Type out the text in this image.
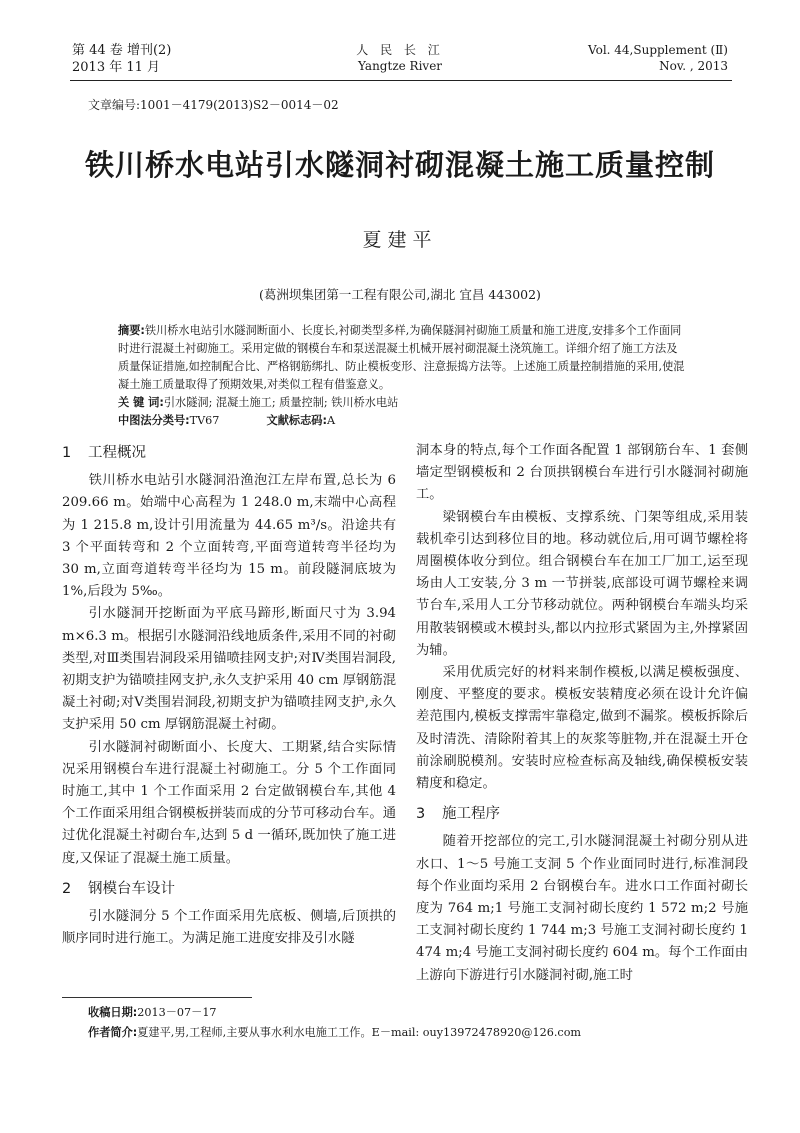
第 44 卷 增刊(2)
2013 年 11 月
人 民 长 江
Yangtze River
Vol. 44,Supplement (Ⅱ)
Nov. , 2013
文章编号:1001－4179(2013)S2－0014－02
铁川桥水电站引水隧洞衬砌混凝土施工质量控制
夏建平
(葛洲坝集团第一工程有限公司,湖北 宜昌 443002)
摘要:铁川桥水电站引水隧洞断面小、长度长,衬砌类型多样,为确保隧洞衬砌施工质量和施工进度,安排多个工作面同时进行混凝土衬砌施工。采用定做的钢模台车和泵送混凝土机械开展衬砌混凝土浇筑施工。详细介绍了施工方法及质量保证措施,如控制配合比、严格钢筋绑扎、防止模板变形、注意振捣方法等。上述施工质量控制措施的采用,使混凝土施工质量取得了预期效果,对类似工程有借鉴意义。
关 键 词:引水隧洞; 混凝土施工; 质量控制; 铁川桥水电站
中图法分类号:TV67	文献标志码:A
1 工程概况

铁川桥水电站引水隧洞沿渔泡江左岸布置,总长为 6 209.66 m。始端中心高程为 1 248.0 m,末端中心高程为 1 215.8 m,设计引用流量为 44.65 m³/s。沿途共有 3 个平面转弯和 2 个立面转弯,平面弯道转弯半径均为 30 m,立面弯道转弯半径均为 15 m。前段隧洞底坡为 1%,后段为 5‰。

引水隧洞开挖断面为平底马蹄形,断面尺寸为 3.94 m×6.3 m。根据引水隧洞沿线地质条件,采用不同的衬砌类型,对Ⅲ类围岩洞段采用锚喷挂网支护;对Ⅳ类围岩洞段,初期支护为锚喷挂网支护,永久支护采用 40 cm 厚钢筋混凝土衬砌;对Ⅴ类围岩洞段,初期支护为锚喷挂网支护,永久支护采用 50 cm 厚钢筋混凝土衬砌。

引水隧洞衬砌断面小、长度大、工期紧,结合实际情况采用钢模台车进行混凝土衬砌施工。分 5 个工作面同时施工,其中 1 个工作面采用 2 台定做钢模台车,其他 4 个工作面采用组合钢模板拼装而成的分节可移动台车。通过优化混凝土衬砌台车,达到 5 d 一循环,既加快了施工进度,又保证了混凝土施工质量。

2 钢模台车设计

引水隧洞分 5 个工作面采用先底板、侧墙,后顶拱的顺序同时进行施工。为满足施工进度安排及引水隧

洞本身的特点,每个工作面各配置 1 部钢筋台车、1 套侧墙定型钢模板和 2 台顶拱钢模台车进行引水隧洞衬砌施工。

梁钢模台车由模板、支撑系统、门架等组成,采用装载机牵引达到移位目的地。移动就位后,用可调节螺栓将周圈模体收分到位。组合钢模台车在加工厂加工,运至现场由人工安装,分 3 m 一节拼装,底部设可调节螺栓来调节台车,采用人工分节移动就位。两种钢模台车端头均采用散装钢模或木模封头,都以内拉形式紧固为主,外撑紧固为辅。

采用优质完好的材料来制作模板,以满足模板强度、刚度、平整度的要求。模板安装精度必须在设计允许偏差范围内,模板支撑需牢靠稳定,做到不漏浆。模板拆除后及时清洗、清除附着其上的灰浆等脏物,并在混凝土开仓前涂刷脱模剂。安装时应检查标高及轴线,确保模板安装精度和稳定。

3 施工程序

随着开挖部位的完工,引水隧洞混凝土衬砌分别从进水口、1～5 号施工支洞 5 个作业面同时进行,标准洞段每个作业面均采用 2 台钢模台车。进水口工作面衬砌长度为 764 m;1 号施工支洞衬砌长度约 1 572 m;2 号施工支洞衬砌长度约 1 744 m;3 号施工支洞衬砌长度约 1 474 m;4 号施工支洞衬砌长度约 604 m。每个工作面由上游向下游进行引水隧洞衬砌,施工时

收稿日期:2013－07－17
作者简介:夏建平,男,工程师,主要从事水利水电施工工作。E－mail: ouy13972478920@126.com
